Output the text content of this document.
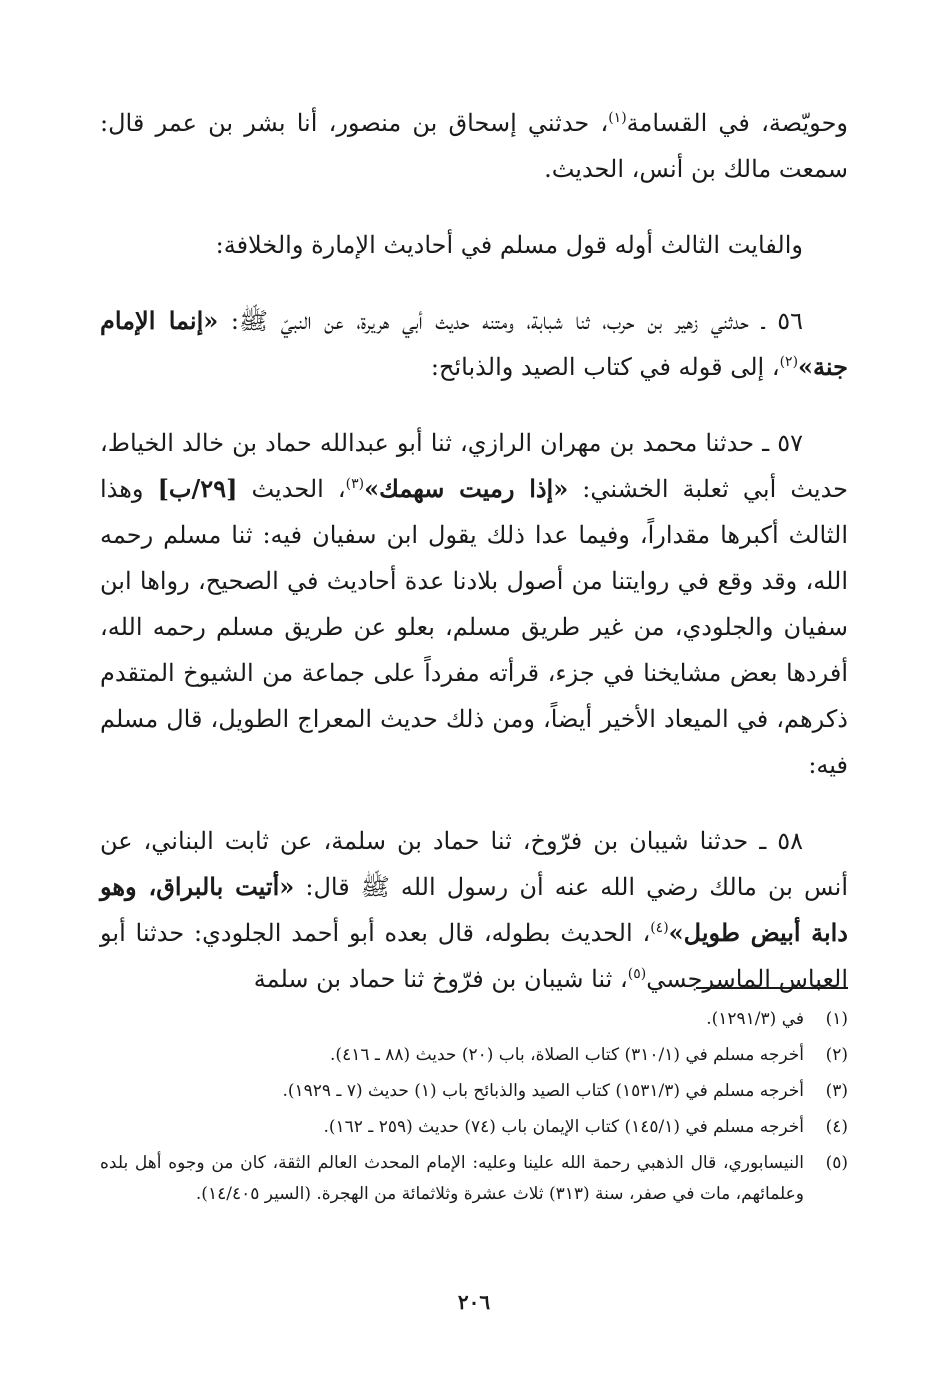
وحويّصة، في القسامة$^{(١)}$، حدثني إسحاق بن منصور، أنا بشر بن عمر قال: سمعت مالك بن أنس، الحديث.

والفايت الثالث أوله قول مسلم في أحاديث الإمارة والخلافة:

٥٦ ـ حدثني زهير بن حرب، ثنا شبابة، ومتنه حديث أبي هريرة، عن النبيّ ﷺ: «إنما الإمام جنة»$^{(٢)}$، إلى قوله في كتاب الصيد والذبائح:

٥٧ ـ حدثنا محمد بن مهران الرازي، ثنا أبو عبدالله حماد بن خالد الخياط، حديث أبي ثعلبة الخشني: «إذا رميت سهمك»$^{(٣)}$، الحديث [٢٩/ب] وهذا الثالث أكبرها مقداراً، وفيما عدا ذلك يقول ابن سفيان فيه: ثنا مسلم رحمه الله، وقد وقع في روايتنا من أصول بلادنا عدة أحاديث في الصحيح، رواها ابن سفيان والجلودي، من غير طريق مسلم، بعلو عن طريق مسلم رحمه الله، أفردها بعض مشايخنا في جزء، قرأته مفرداً على جماعة من الشيوخ المتقدم ذكرهم، في الميعاد الأخير أيضاً، ومن ذلك حديث المعراج الطويل، قال مسلم فيه:

٥٨ ـ حدثنا شيبان بن فرّوخ، ثنا حماد بن سلمة، عن ثابت البناني، عن أنس بن مالك رضي الله عنه أن رسول الله ﷺ قال: «أتيت بالبراق، وهو دابة أبيض طويل»$^{(٤)}$، الحديث بطوله، قال بعده أبو أحمد الجلودي: حدثنا أبو العباس الماسرجسي$^{(٥)}$، ثنا شيبان بن فرّوخ ثنا حماد بن سلمة

(١)
في (١٢٩١/٣).
(٢)
أخرجه مسلم في (٣١٠/١) كتاب الصلاة، باب (٢٠) حديث (٨٨ ـ ٤١٦).
(٣)
أخرجه مسلم في (١٥٣١/٣) كتاب الصيد والذبائح باب (١) حديث (٧ ـ ١٩٢٩).
(٤)
أخرجه مسلم في (١٤٥/١) كتاب الإيمان باب (٧٤) حديث (٢٥٩ ـ ١٦٢).
(٥)
النيسابوري، قال الذهبي رحمة الله علينا وعليه: الإمام المحدث العالم الثقة، كان من وجوه أهل بلده وعلمائهم، مات في صفر، سنة (٣١٣) ثلاث عشرة وثلاثمائة من الهجرة. (السير ١٤/٤٠٥).
٢٠٦
